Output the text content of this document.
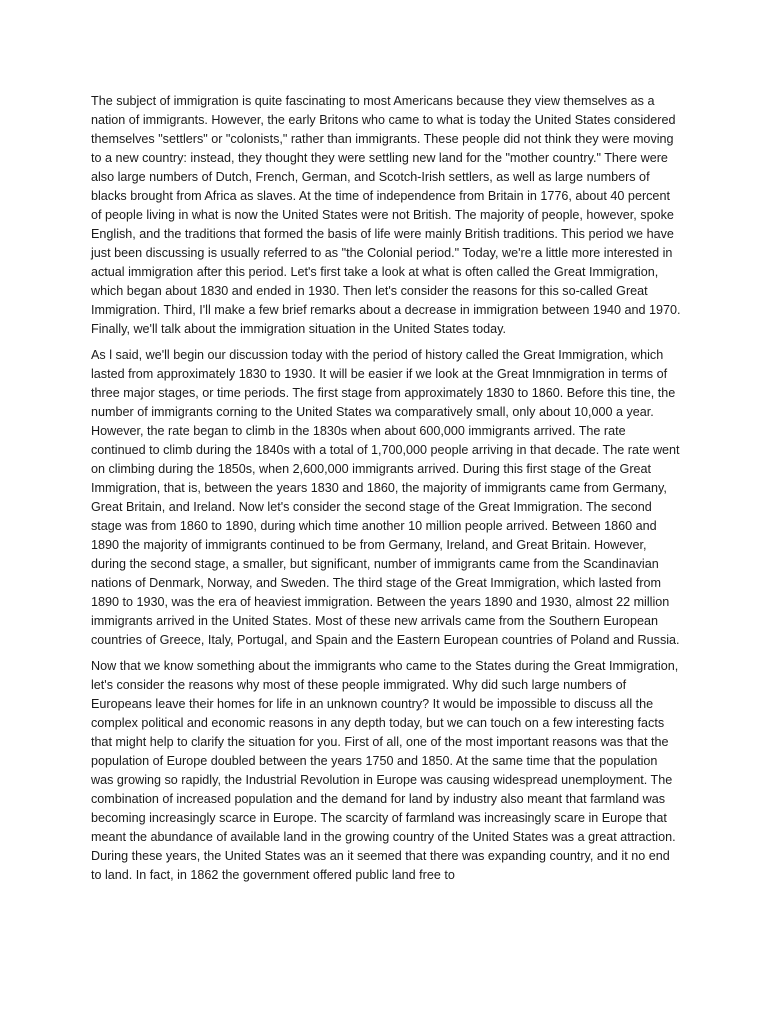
The subject of immigration is quite fascinating to most Americans because they view themselves as a nation of immigrants. However, the early Britons who came to what is today the United States considered themselves "settlers" or "colonists," rather than immigrants. These people did not think they were moving to a new country: instead, they thought they were settling new land for the "mother country." There were also large numbers of Dutch, French, German, and Scotch-Irish settlers, as well as large numbers of blacks brought from Africa as slaves. At the time of independence from Britain in 1776, about 40 percent of people living in what is now the United States were not British. The majority of people, however, spoke English, and the traditions that formed the basis of life were mainly British traditions. This period we have just been discussing is usually referred to as "the Colonial period." Today, we're a little more interested in actual immigration after this period. Let's first take a look at what is often called the Great Immigration, which began about 1830 and ended in 1930. Then let's consider the reasons for this so-called Great Immigration. Third, I'll make a few brief remarks about a decrease in immigration between 1940 and 1970. Finally, we'll talk about the immigration situation in the United States today.

As l said, we'll begin our discussion today with the period of history called the Great Immigration, which lasted from approximately 1830 to 1930. It will be easier if we look at the Great Imnmigration in terms of three major stages, or time periods. The first stage from approximately 1830 to 1860. Before this tine, the number of immigrants corning to the United States wa comparatively small, only about 10,000 a year. However, the rate began to climb in the 1830s when about 600,000 immigrants arrived. The rate continued to climb during the 1840s with a total of 1,700,000 people arriving in that decade. The rate went on climbing during the 1850s, when 2,600,000 immigrants arrived. During this first stage of the Great Immigration, that is, between the years 1830 and 1860, the majority of immigrants came from Germany, Great Britain, and Ireland. Now let's consider the second stage of the Great Immigration. The second stage was from 1860 to 1890, during which time another 10 million people arrived. Between 1860 and 1890 the majority of immigrants continued to be from Germany, Ireland, and Great Britain. However, during the second stage, a smaller, but significant, number of immigrants came from the Scandinavian nations of Denmark, Norway, and Sweden. The third stage of the Great Immigration, which lasted from 1890 to 1930, was the era of heaviest immigration. Between the years 1890 and 1930, almost 22 million immigrants arrived in the United States. Most of these new arrivals came from the Southern European countries of Greece, Italy, Portugal, and Spain and the Eastern European countries of Poland and Russia.

Now that we know something about the immigrants who came to the States during the Great Immigration, let's consider the reasons why most of these people immigrated. Why did such large numbers of Europeans leave their homes for life in an unknown country? It would be impossible to discuss all the complex political and economic reasons in any depth today, but we can touch on a few interesting facts that might help to clarify the situation for you. First of all, one of the most important reasons was that the population of Europe doubled between the years 1750 and 1850. At the same time that the population was growing so rapidly, the Industrial Revolution in Europe was causing widespread unemployment. The combination of increased population and the demand for land by industry also meant that farmland was becoming increasingly scarce in Europe. The scarcity of farmland was increasingly scare in Europe that meant the abundance of available land in the growing country of the United States was a great attraction. During these years, the United States was an it seemed that there was expanding country, and it no end to land. In fact, in 1862 the government offered public land free to
